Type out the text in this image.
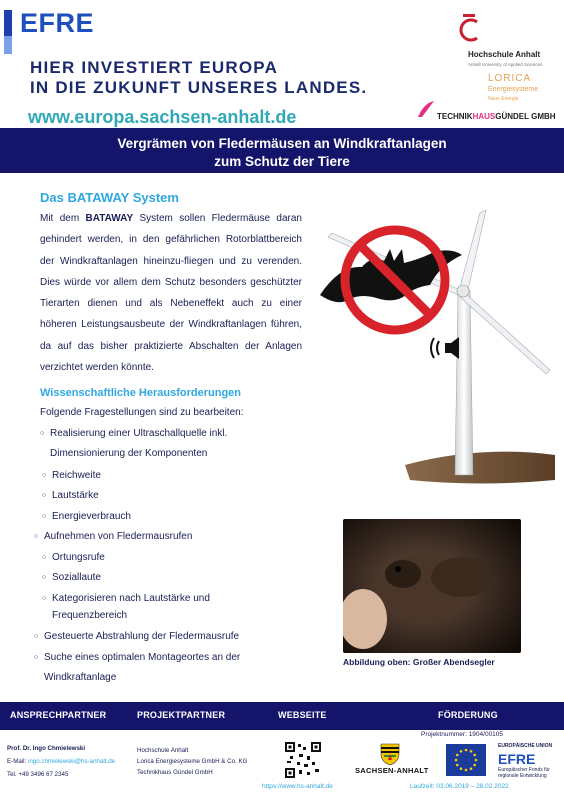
EFRE
HIER INVESTIERT EUROPA
IN DIE ZUKUNFT UNSERES LANDES.
www.europa.sachsen-anhalt.de
Hochschule Anhalt
Anhalt University of Applied Sciences
LORICA
Energiesysteme
Neue Energie
TECHNIKHAUSGÜNDEL GMBH
Vergrämen von Fledermäusen an Windkraftanlagen
zum Schutz der Tiere
Das BATAWAY System
Mit dem BATAWAY System sollen Fledermäuse daran gehindert werden, in den gefährlichen Rotorblattbereich der Windkraftanlagen hineinzu-fliegen und zu verenden. Dies würde vor allem dem Schutz besonders geschützter Tierarten dienen und als Nebeneffekt auch zu einer höheren Leistungsausbeute der Windkraftanlagen führen, da auf das bisher praktizierte Abschalten der Anlagen verzichtet werden könnte.
Wissenschaftliche Herausforderungen
Folgende Fragestellungen sind zu bearbeiten:
○ Realisierung einer Ultraschallquelle inkl.
Dimensionierung der Komponenten
○ Reichweite
○ Lautstärke
○ Energieverbrauch
○ Aufnehmen von Fledermausrufen
○ Ortungsrufe
○ Soziallaute
○ Kategorisieren nach Lautstärke und
Frequenzbereich
○ Gesteuerte Abstrahlung der Fledermausrufe
○ Suche eines optimalen Montageortes an der
Windkraftanlage
Abbildung oben: Großer Abendsegler
ANSPRECHPARTNER	PROJEKTPARTNER	WEBSEITE	FÖRDERUNG
Prof. Dr. Ingo Chmielewski
E-Mail: ingo.chmielewski@hs-anhalt.de
Tel. +49 3496 67 2345
Hochschule Anhalt
Lorica Energiesysteme GmbH & Co. KG
Technikhaus Gündel GmbH
https://www.hs-anhalt.de
Projektnummer: 1904/00105
SACHSEN-ANHALT
EUROPÄISCHE UNION
EFRE
Europäischer Fonds für
regionale Entwicklung
Laufzeit: 03.06.2019 – 28.02.2022
